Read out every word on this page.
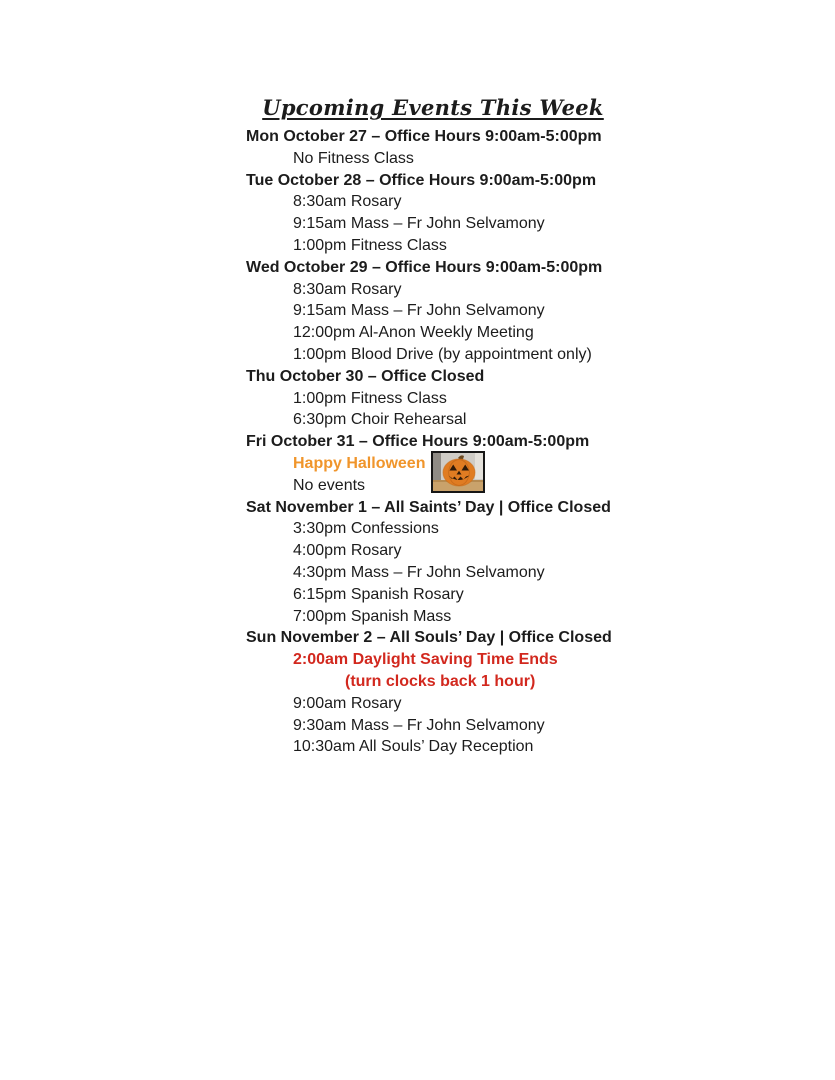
Upcoming Events This Week
Mon October 27 – Office Hours 9:00am-5:00pm
No Fitness Class
Tue October 28 – Office Hours 9:00am-5:00pm
8:30am Rosary
9:15am Mass – Fr John Selvamony
1:00pm Fitness Class
Wed October 29 – Office Hours 9:00am-5:00pm
8:30am Rosary
9:15am Mass – Fr John Selvamony
12:00pm Al-Anon Weekly Meeting
1:00pm Blood Drive (by appointment only)
Thu October 30 – Office Closed
1:00pm Fitness Class
6:30pm Choir Rehearsal
Fri October 31 – Office Hours 9:00am-5:00pm
Happy Halloween
No events
Sat November 1 – All Saints’ Day | Office Closed
3:30pm Confessions
4:00pm Rosary
4:30pm Mass – Fr John Selvamony
6:15pm Spanish Rosary
7:00pm Spanish Mass
Sun November 2 – All Souls’ Day | Office Closed
2:00am Daylight Saving Time Ends
(turn clocks back 1 hour)
9:00am Rosary
9:30am Mass – Fr John Selvamony
10:30am All Souls’ Day Reception
